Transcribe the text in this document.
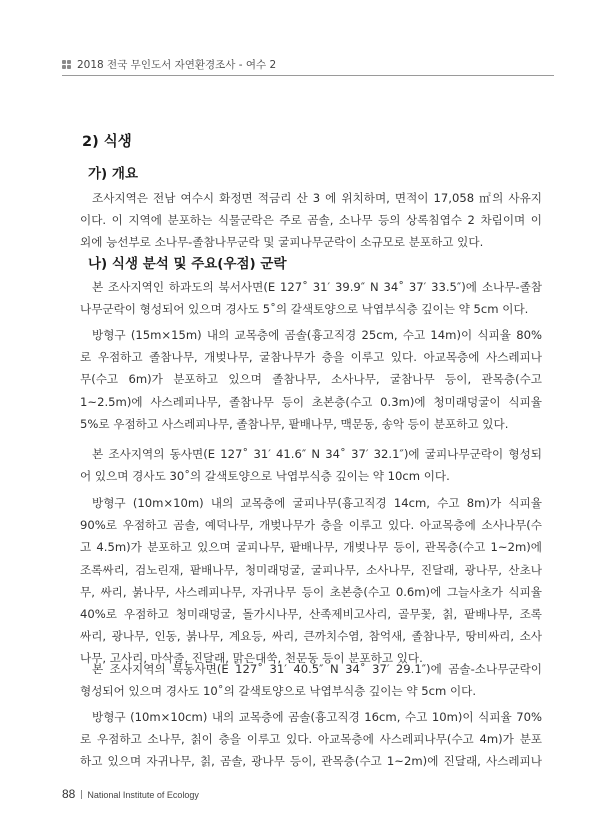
2018 전국 무인도서 자연환경조사 - 여수 2
2) 식생
가) 개요
조사지역은 전남 여수시 화정면 적금리 산 3 에 위치하며, 면적이 17,058 ㎡의 사유지
이다. 이 지역에 분포하는 식물군락은 주로 곰솔, 소나무 등의 상록침엽수 2 차림이며 이
외에 능선부로 소나무-졸참나무군락 및 굴피나무군락이 소규모로 분포하고 있다.
나) 식생 분석 및 주요(우점) 군락
본 조사지역인 하과도의 북서사면(E 127˚ 31′ 39.9″ N 34˚ 37′ 33.5″)에 소나무-졸참
나무군락이 형성되어 있으며 경사도 5˚의 갈색토양으로 낙엽부식층 깊이는 약 5cm 이다.
방형구 (15m×15m) 내의 교목층에 곰솔(흉고직경 25cm, 수고 14m)이 식피율 80%
로 우점하고 졸참나무, 개벚나무, 굴참나무가 층을 이루고 있다. 아교목층에 사스레피나
무(수고 6m)가 분포하고 있으며 졸참나무, 소사나무, 굴참나무 등이, 관목층(수고
1~2.5m)에 사스레피나무, 졸참나무 등이 초본층(수고 0.3m)에 청미래덩굴이 식피율
5%로 우점하고 사스레피나무, 졸참나무, 팥배나무, 맥문동, 송악 등이 분포하고 있다.
본 조사지역의 동사면(E 127˚ 31′ 41.6″ N 34˚ 37′ 32.1″)에 굴피나무군락이 형성되
어 있으며 경사도 30˚의 갈색토양으로 낙엽부식층 깊이는 약 10cm 이다.
방형구 (10m×10m) 내의 교목층에 굴피나무(흉고직경 14cm, 수고 8m)가 식피율
90%로 우점하고 곰솔, 예덕나무, 개벚나무가 층을 이루고 있다. 아교목층에 소사나무(수
고 4.5m)가 분포하고 있으며 굴피나무, 팥배나무, 개벚나무 등이, 관목층(수고 1~2m)에
조록싸리, 검노린재, 팥배나무, 청미래덩굴, 굴피나무, 소사나무, 진달래, 광나무, 산초나
무, 싸리, 붉나무, 사스레피나무, 자귀나무 등이 초본층(수고 0.6m)에 그늘사초가 식피율
40%로 우점하고 청미래덩굴, 돌가시나무, 산족제비고사리, 골무꽃, 칡, 팥배나무, 조록
싸리, 광나무, 인동, 붉나무, 계요등, 싸리, 큰까치수염, 참억새, 졸참나무, 땅비싸리, 소사
나무, 고사리, 마삭줄, 진달래, 맑은대쑥, 천문동 등이 분포하고 있다.
본 조사지역의 북동사면(E 127˚ 31′ 40.5″ N 34˚ 37′ 29.1″)에 곰솔-소나무군락이
형성되어 있으며 경사도 10˚의 갈색토양으로 낙엽부식층 깊이는 약 5cm 이다.
방형구 (10m×10cm) 내의 교목층에 곰솔(흉고직경 16cm, 수고 10m)이 식피율 70%
로 우점하고 소나무, 칡이 층을 이루고 있다. 아교목층에 사스레피나무(수고 4m)가 분포
하고 있으며 자귀나무, 칡, 곰솔, 광나무 등이, 관목층(수고 1~2m)에 진달래, 사스레피나
88 National Institute of Ecology
